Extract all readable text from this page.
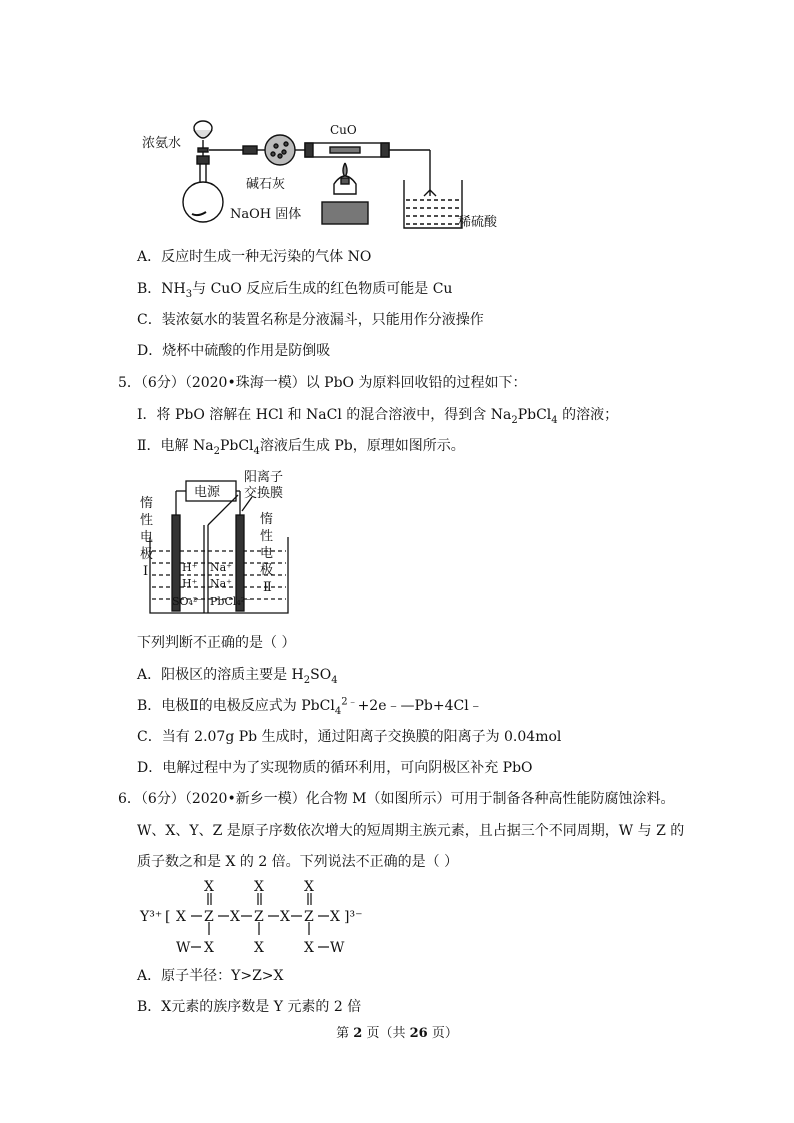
浓氨水
CuO
碱石灰
NaOH 固体
稀硫酸
A．反应时生成一种无污染的气体 NO
B．$NH_3$与 CuO 反应后生成的红色物质可能是 Cu
C．装浓氨水的装置名称是分液漏斗，只能用作分液操作
D．烧杯中硫酸的作用是防倒吸
5．（6分）（2020•珠海一模）以 PbO 为原料回收铅的过程如下：
Ⅰ．将 PbO 溶解在 HCl 和 NaCl 的混合溶液中，得到含 $Na_2PbCl_4$ 的溶液；
Ⅱ．电解 $Na_2PbCl_4$溶液后生成 Pb，原理如图所示。
电源
阳离子
交换膜
惰
性
电
极
Ⅰ
惰
性
电
极
Ⅱ
H⁺
H⁺
SO₄²⁻
Na⁺
Na⁺
PbCl₄²⁻
下列判断不正确的是（ ）
A．阳极区的溶质主要是 $H_2SO_4$
B．电极Ⅱ的电极反应式为 PbCl$_4^{2﹣}$+2e﹣—Pb+4Cl﹣
C．当有 2.07g Pb 生成时，通过阳离子交换膜的阳离子为 0.04mol
D．电解过程中为了实现物质的循环利用，可向阴极区补充 PbO
6．（6分）（2020•新乡一模）化合物 M（如图所示）可用于制备各种高性能防腐蚀涂料。
W、X、Y、Z 是原子序数依次增大的短周期主族元素，且占据三个不同周期，W 与 Z 的
质子数之和是 X 的 2 倍。下列说法不正确的是（ ）
Y³⁺ [ X Z X Z X Z X ]³⁻
X	X	X
W X	X	X W
A．原子半径：Y>Z>X
B．X元素的族序数是 Y 元素的 2 倍
第 2 页（共 26 页）
